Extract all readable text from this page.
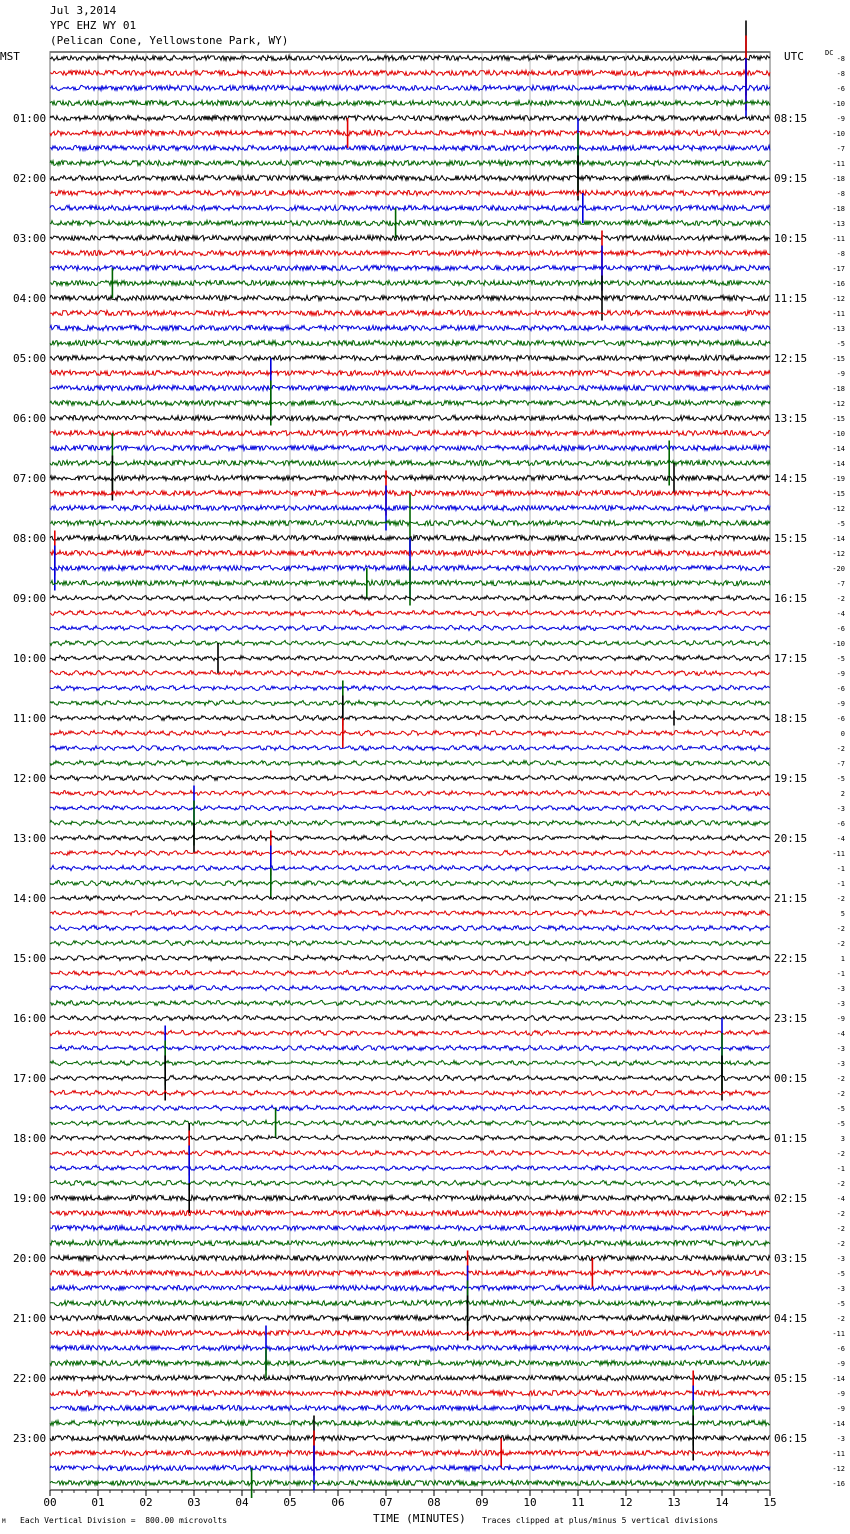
Jul 3,2014
YPC EHZ WY 01
(Pelican Cone, Yellowstone Park, WY)
MST	UTC	DC
00	01	02	03	04	05	06	07	08	09	10	11	12	13	14	15
-8
-8
-6
-10
-9
-10
-7
-11
-18
-8
-18
-13
-11
-8
-17
-16
-12
-11
-13
-5
-15
-9
-18
-12
-15
-10
-14
-14
-19
-15
-12
-5
-14
-12
-20
-7
-2
-4
-6
-10
-5
-9
-6
-9
-6
0
-2
-7
-5
2
-3
-6
-4
-11
-1
-1
-2
5
-2
-2
1
-1
-3
-3
-9
-4
-3
-3
-2
-2
-5
-5
3
-2
-1
-2
-4
-2
-2
-2
-3
-5
-3
-5
-2
-11
-6
-9
-14
-9
-9
-14
-3
-11
-12
-16
01:00	08:15
02:00	09:15
03:00	10:15
04:00	11:15
05:00	12:15
06:00	13:15
07:00	14:15
08:00	15:15
09:00	16:15
10:00	17:15
11:00	18:15
12:00	19:15
13:00	20:15
14:00	21:15
15:00	22:15
16:00	23:15
17:00	00:15
18:00	01:15
19:00	02:15
20:00	03:15
21:00	04:15
22:00	05:15
23:00	06:15
M Each Vertical Division =  800.00 microvolts	TIME (MINUTES) Traces clipped at plus/minus 5 vertical divisions
